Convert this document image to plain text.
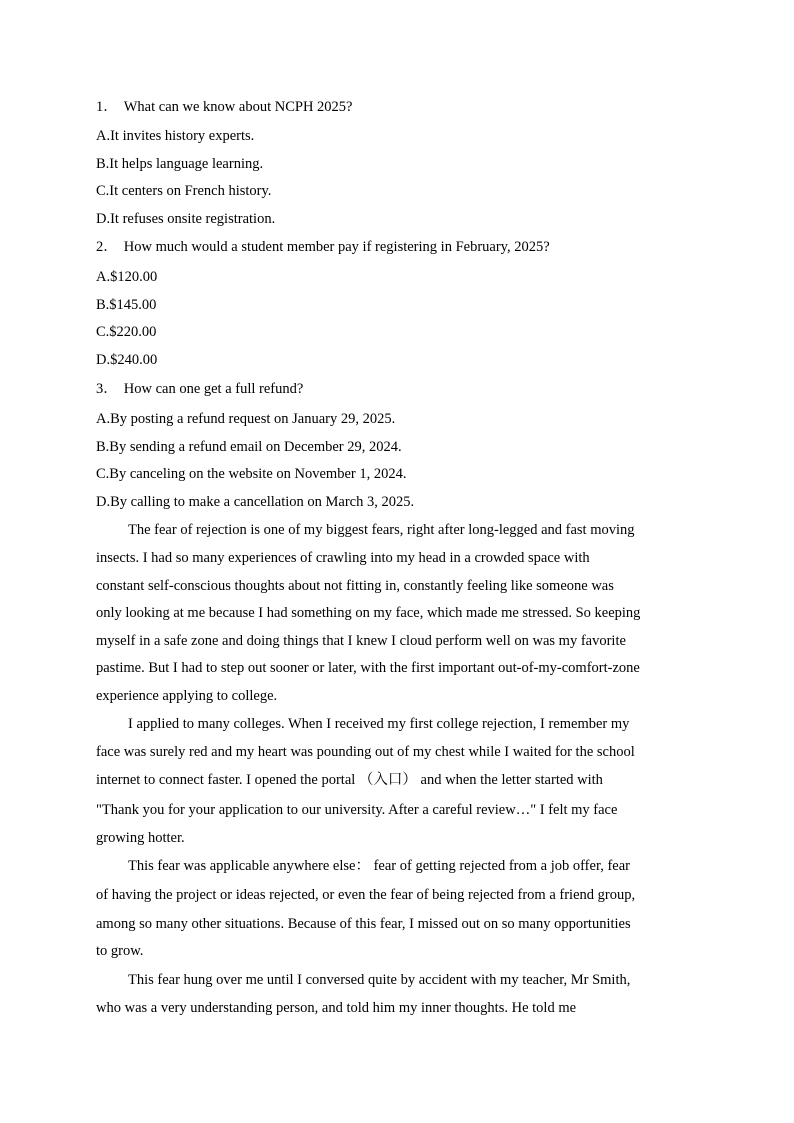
1． What can we know about NCPH 2025?
A.It invites history experts.
B.It helps language learning.
C.It centers on French history.
D.It refuses onsite registration.
2． How much would a student member pay if registering in February, 2025?
A.$120.00
B.$145.00
C.$220.00
D.$240.00
3． How can one get a full refund?
A.By posting a refund request on January 29, 2025.
B.By sending a refund email on December 29, 2024.
C.By canceling on the website on November 1, 2024.
D.By calling to make a cancellation on March 3, 2025.
The fear of rejection is one of my biggest fears, right after long-legged and fast moving
insects. I had so many experiences of crawling into my head in a crowded space with
constant self-conscious thoughts about not fitting in, constantly feeling like someone was
only looking at me because I had something on my face, which made me stressed. So keeping
myself in a safe zone and doing things that I knew I cloud perform well on was my favorite
pastime. But I had to step out sooner or later, with the first important out-of-my-comfort-zone
experience applying to college.
I applied to many colleges. When I received my first college rejection, I remember my
face was surely red and my heart was pounding out of my chest while I waited for the school
internet to connect faster. I opened the portal （入口） and when the letter started with
"Thank you for your application to our university. After a careful review…" I felt my face
growing hotter.
This fear was applicable anywhere else： fear of getting rejected from a job offer, fear
of having the project or ideas rejected, or even the fear of being rejected from a friend group,
among so many other situations. Because of this fear, I missed out on so many opportunities
to grow.
This fear hung over me until I conversed quite by accident with my teacher, Mr Smith,
who was a very understanding person, and told him my inner thoughts. He told me
